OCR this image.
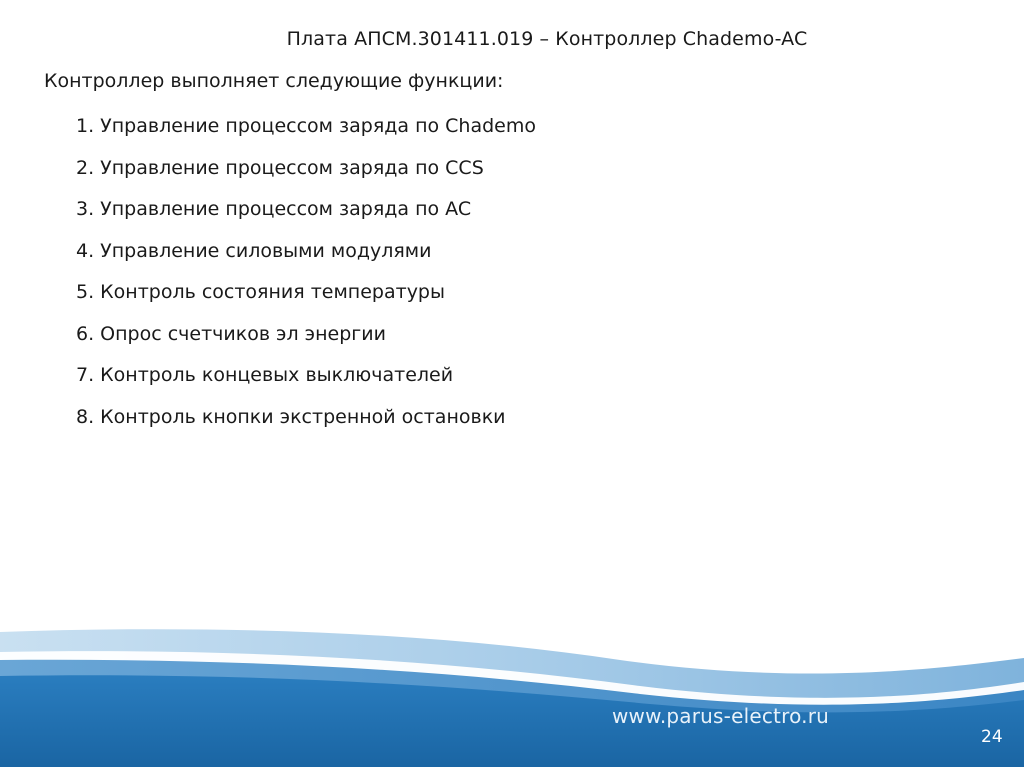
Плата АПСМ.301411.019 – Контроллер Chademo-AC
Контроллер выполняет следующие функции:
1. Управление процессом заряда по Chademo
2. Управление процессом заряда по CCS
3. Управление процессом заряда по AC
4. Управление силовыми модулями
5. Контроль состояния температуры
6. Опрос счетчиков эл энергии
7. Контроль концевых выключателей
8. Контроль кнопки экстренной остановки
www.parus-electro.ru
24
